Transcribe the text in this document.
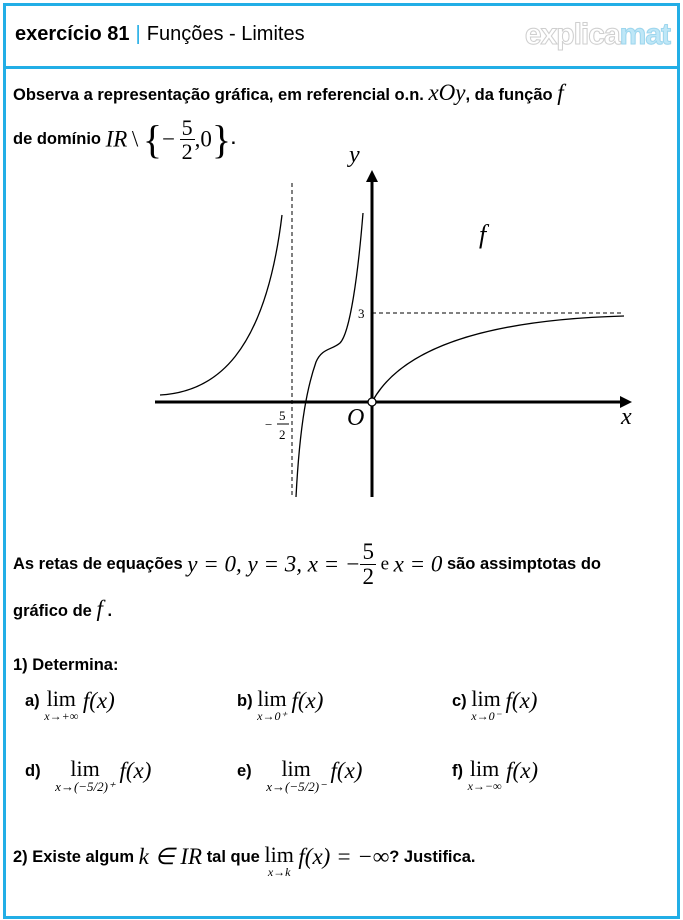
exercício 81 | Funções - Limites	explicamat
Observa a representação gráfica, em referencial o.n. xOy, da função f
de domínio IR \ {− $\frac{5}{2} ,0$}.
y
x
O
f
3
−
5
2
As retas de equações y = 0, y = 3, x = − $\frac{5}{2}$ e x = 0 são assimptotas do
gráfico de f .
1) Determina:
a) lim
x→+∞
f(x)	b) lim
x→0⁺
f(x)	c) lim
x→0⁻
f(x)
d)	lim
x→(−5/2)⁺
f(x)	e)	lim
x→(−5/2)⁻
f(x)	f) lim
x→−∞
f(x)
2) Existe algum k ∈ IR tal que lim
x→k
f(x) = −∞? Justifica.
